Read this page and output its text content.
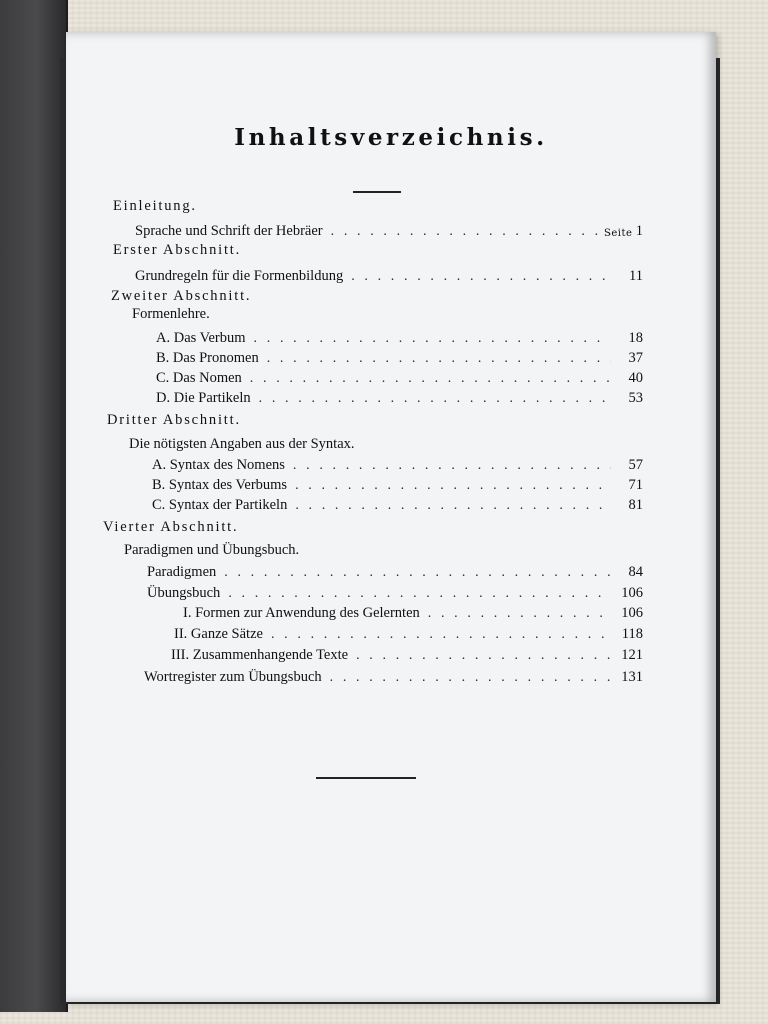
Inhaltsverzeichnis.
Seite
Einleitung.
Sprache und Schrift der Hebräer . . .	1
Erster Abschnitt.
Grundregeln für die Formenbildung . . .	11
Zweiter Abschnitt.
Formenlehre.
A. Das Verbum . . .	18
B. Das Pronomen . . .	37
C. Das Nomen . . .	40
D. Die Partikeln . . .	53
Dritter Abschnitt.
Die nötigsten Angaben aus der Syntax.
A. Syntax des Nomens . . .	57
B. Syntax des Verbums . . .	71
C. Syntax der Partikeln . . .	81
Vierter Abschnitt.
Paradigmen und Übungsbuch.
Paradigmen . . .	84
Übungsbuch . . .	106
I. Formen zur Anwendung des Gelernten . . .	106
II. Ganze Sätze . . .	118
III. Zusammenhangende Texte . . .	121
Wortregister zum Übungsbuch . . .	131
